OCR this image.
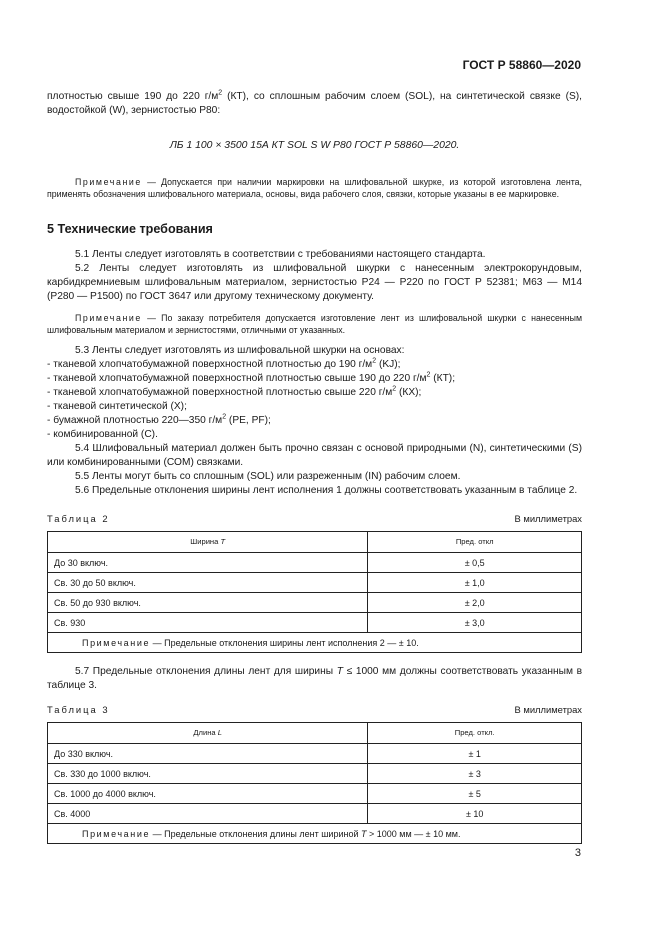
ГОСТ Р 58860—2020

плотностью свыше 190 до 220 $г/м^2$ (КТ), со сплошным рабочим слоем (SOL), на синтетической связке (S), водостойкой (W), зернистостью Р80:

ЛБ 1 100 × 3500 15А КТ SOL S W Р80 ГОСТ Р 58860—2020.

Примечание — Допускается при наличии маркировки на шлифовальной шкурке, из которой изготовлена лента, применять обозначения шлифовального материала, основы, вида рабочего слоя, связки, которые указаны в ее маркировке.

5 Технические требования

5.1 Ленты следует изготовлять в соответствии с требованиями настоящего стандарта.

5.2 Ленты следует изготовлять из шлифовальной шкурки с нанесенным электрокорундовым, карбидкремниевым шлифовальным материалом, зернистостью Р24 — Р220 по ГОСТ Р 52381; М63 — М14 (Р280 — Р1500) по ГОСТ 3647 или другому техническому документу.

Примечание — По заказу потребителя допускается изготовление лент из шлифовальной шкурки с нанесенным шлифовальным материалом и зернистостями, отличными от указанных.

5.3 Ленты следует изготовлять из шлифовальной шкурки на основах:

- тканевой хлопчатобумажной поверхностной плотностью до 190 $г/м^2$ (KJ);

- тканевой хлопчатобумажной поверхностной плотностью свыше 190 до 220 $г/м^2$ (КТ);

- тканевой хлопчатобумажной поверхностной плотностью свыше 220 $г/м^2$ (КХ);

- тканевой синтетической (X);

- бумажной плотностью 220—350 $г/м^2$ (PE, PF);

- комбинированной (С).

5.4 Шлифовальный материал должен быть прочно связан с основой природными (N), синтетическими (S) или комбинированными (СОМ) связками.

5.5 Ленты могут быть со сплошным (SOL) или разреженным (IN) рабочим слоем.

5.6 Предельные отклонения ширины лент исполнения 1 должны соответствовать указанным в таблице 2.

Таблица 2	В миллиметрах
Ширина Т	Пред. откл
До 30 включ.	± 0,5
Св. 30 до 50 включ.	± 1,0
Св. 50 до 930 включ.	± 2,0
Св. 930	± 3,0
Примечание — Предельные отклонения ширины лент исполнения 2 — ± 10.	

5.7 Предельные отклонения длины лент для ширины Т ≤ 1000 мм должны соответствовать указанным в таблице 3.

Таблица 3	В миллиметрах
Длина L	Пред. откл.
До 330 включ.	± 1
Св. 330 до 1000 включ.	± 3
Св. 1000 до 4000 включ.	± 5
Св. 4000	± 10
Примечание — Предельные отклонения длины лент шириной Т > 1000 мм — ± 10 мм.	
3
